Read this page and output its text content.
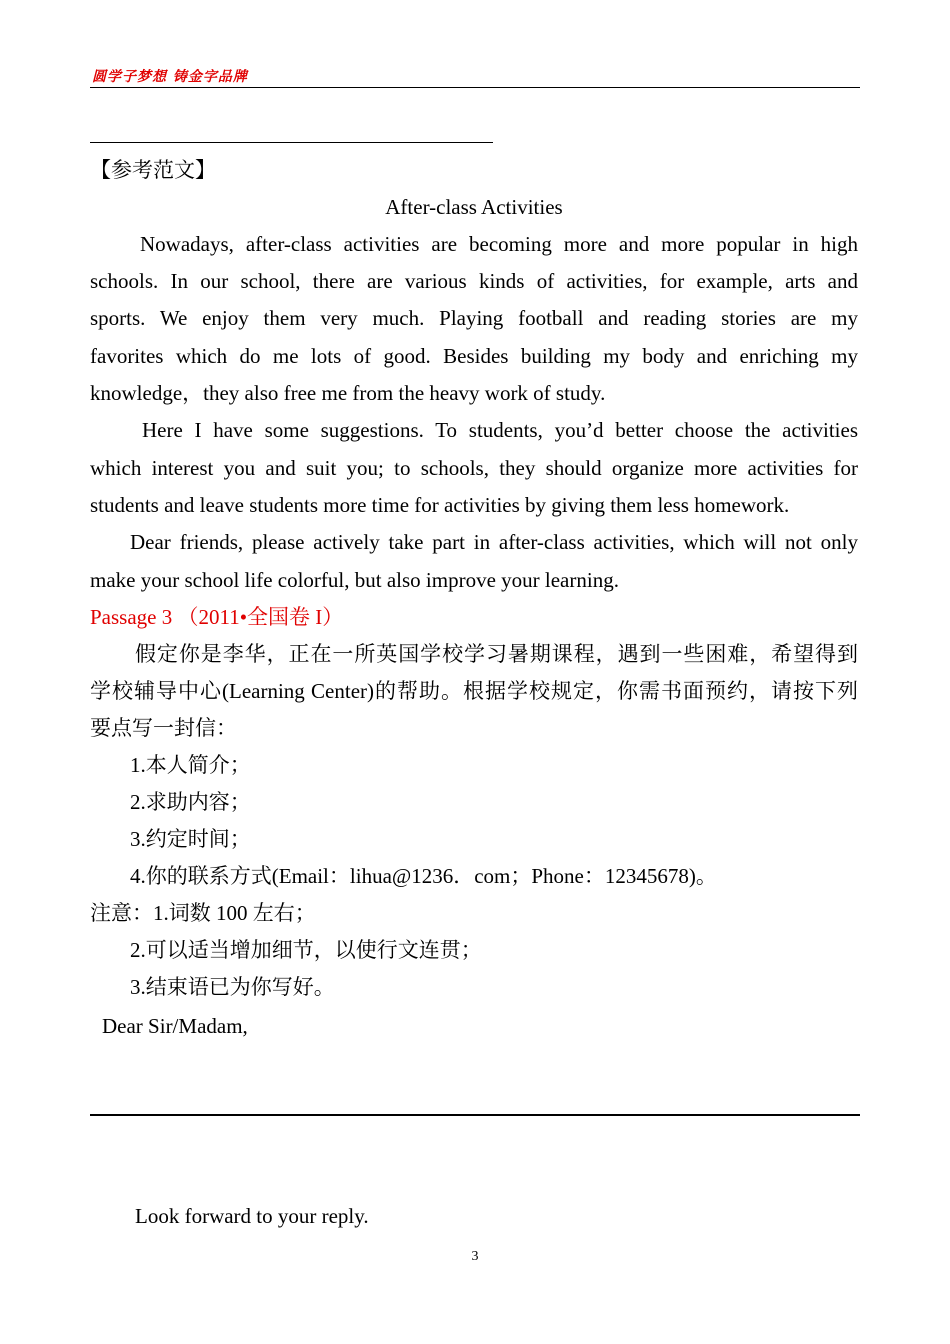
圆学子梦想 铸金字品牌
【参考范文】
After-class Activities
Nowadays, after-class activities are becoming more and more popular in high
schools. In our school, there are various kinds of activities, for example, arts and
sports. We enjoy them very much. Playing football and reading stories are my
favorites which do me lots of good. Besides building my body and enriching my
knowledge，they also free me from the heavy work of study.
Here I have some suggestions. To students, you’d better choose the activities
which interest you and suit you; to schools, they should organize more activities for
students and leave students more time for activities by giving them less homework.
Dear friends, please actively take part in after-class activities, which will not only
make your school life colorful, but also improve your learning.
Passage 3 （2011•全国卷 I）
假定你是李华，正在一所英国学校学习暑期课程，遇到一些困难，希望得到
学校辅导中心(Learning Center)的帮助。根据学校规定，你需书面预约，请按下列
要点写一封信：
1.本人简介；
2.求助内容；
3.约定时间；
4.你的联系方式(Email：lihua@1236．com；Phone：12345678)。
注意：1.词数 100 左右；
2.可以适当增加细节，以使行文连贯；
3.结束语已为你写好。
Dear Sir/Madam,
Look forward to your reply.
3
